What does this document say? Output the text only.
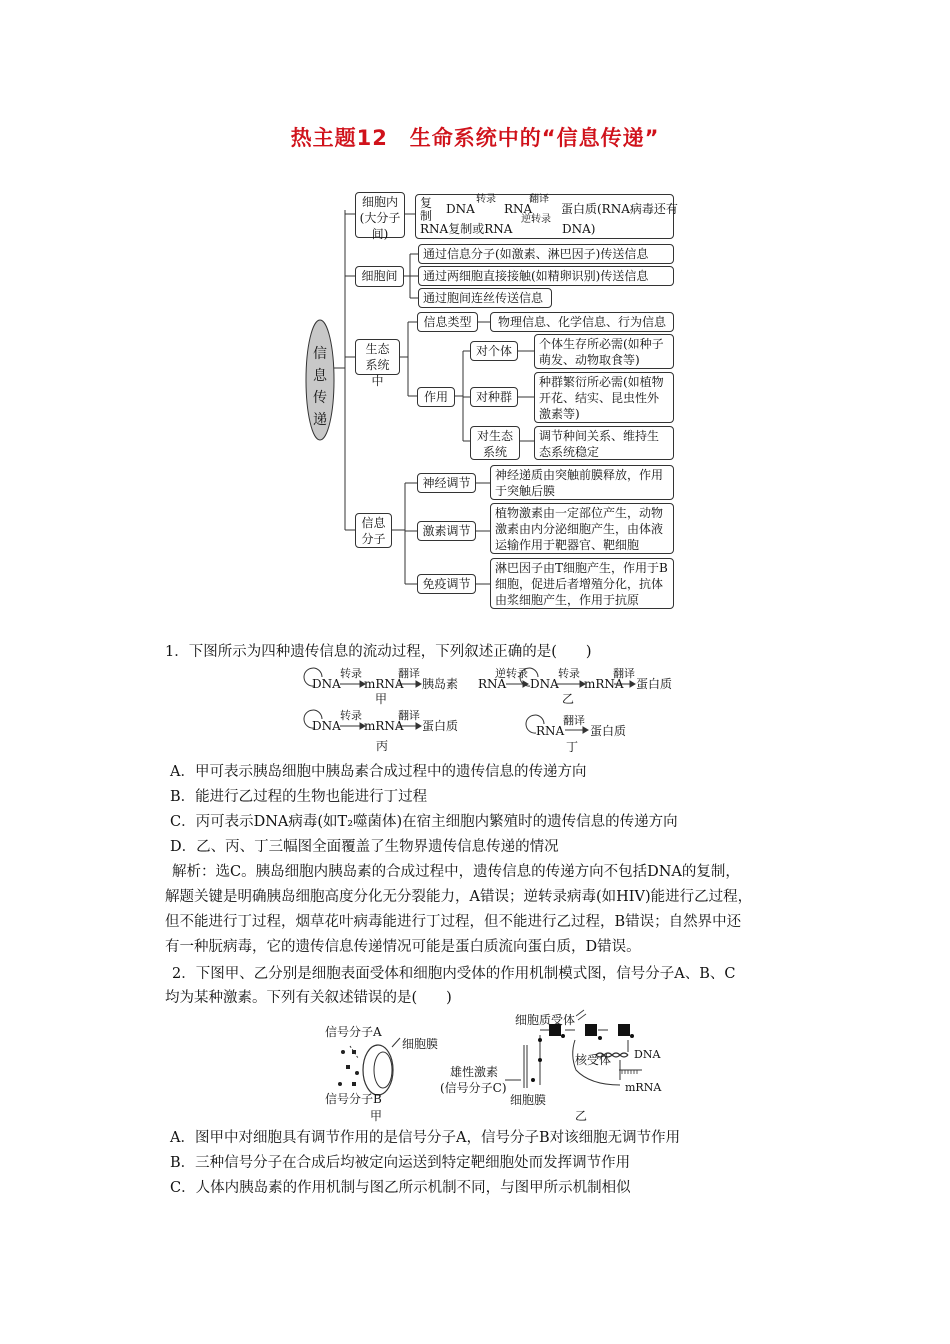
热主题12　生命系统中的“信息传递”
信息传递
细胞内(大分子间)
复制 DNA
转录
RNA
翻译
蛋白质(RNA病毒还有
RNA复制或RNA
逆转录
DNA)
细胞间
通过信息分子(如激素、淋巴因子)传送信息
通过两细胞直接接触(如精卵识别)传送信息
通过胞间连丝传送信息
生态系统中
信息类型	物理信息、化学信息、行为信息
作用
对个体	个体生存所必需(如种子萌发、动物取食等)
对种群
种群繁衍所必需(如植物开花、结实、昆虫性外激素等)
对生态系统
调节种间关系、维持生态系统稳定
信息分子
神经调节
神经递质由突触前膜释放，作用于突触后膜
激素调节
植物激素由一定部位产生，动物激素由内分泌细胞产生，由体液运输作用于靶器官、靶细胞
免疫调节
淋巴因子由T细胞产生，作用于B细胞，促进后者增殖分化，抗体由浆细胞产生，作用于抗原
1．下图所示为四种遗传信息的流动过程，下列叙述正确的是(　　)
DNA
转录
mRNA
翻译
胰岛素
甲
RNA
逆转录
DNA
转录
mRNA
翻译
蛋白质
乙
DNA
转录
mRNA
翻译
蛋白质
丙
RNA
翻译
蛋白质
丁
A．甲可表示胰岛细胞中胰岛素合成过程中的遗传信息的传递方向
B．能进行乙过程的生物也能进行丁过程
C．丙可表示DNA病毒(如T₂噬菌体)在宿主细胞内繁殖时的遗传信息的传递方向
D．乙、丙、丁三幅图全面覆盖了生物界遗传信息传递的情况
解析：选C。胰岛细胞内胰岛素的合成过程中，遗传信息的传递方向不包括DNA的复制，
解题关键是明确胰岛细胞高度分化无分裂能力，A错误；逆转录病毒(如HIV)能进行乙过程，
但不能进行丁过程，烟草花叶病毒能进行丁过程，但不能进行乙过程，B错误；自然界中还
有一种朊病毒，它的遗传信息传递情况可能是蛋白质流向蛋白质，D错误。
2．下图甲、乙分别是细胞表面受体和细胞内受体的作用机制模式图，信号分子A、B、C
均为某种激素。下列有关叙述错误的是(　　)
信号分子A
细胞膜
信号分子B
甲
细胞质受体
核受体 DNA
雄性激素
(信号分子C)
细胞膜
mRNA
乙
A．图甲中对细胞具有调节作用的是信号分子A，信号分子B对该细胞无调节作用
B．三种信号分子在合成后均被定向运送到特定靶细胞处而发挥调节作用
C．人体内胰岛素的作用机制与图乙所示机制不同，与图甲所示机制相似
